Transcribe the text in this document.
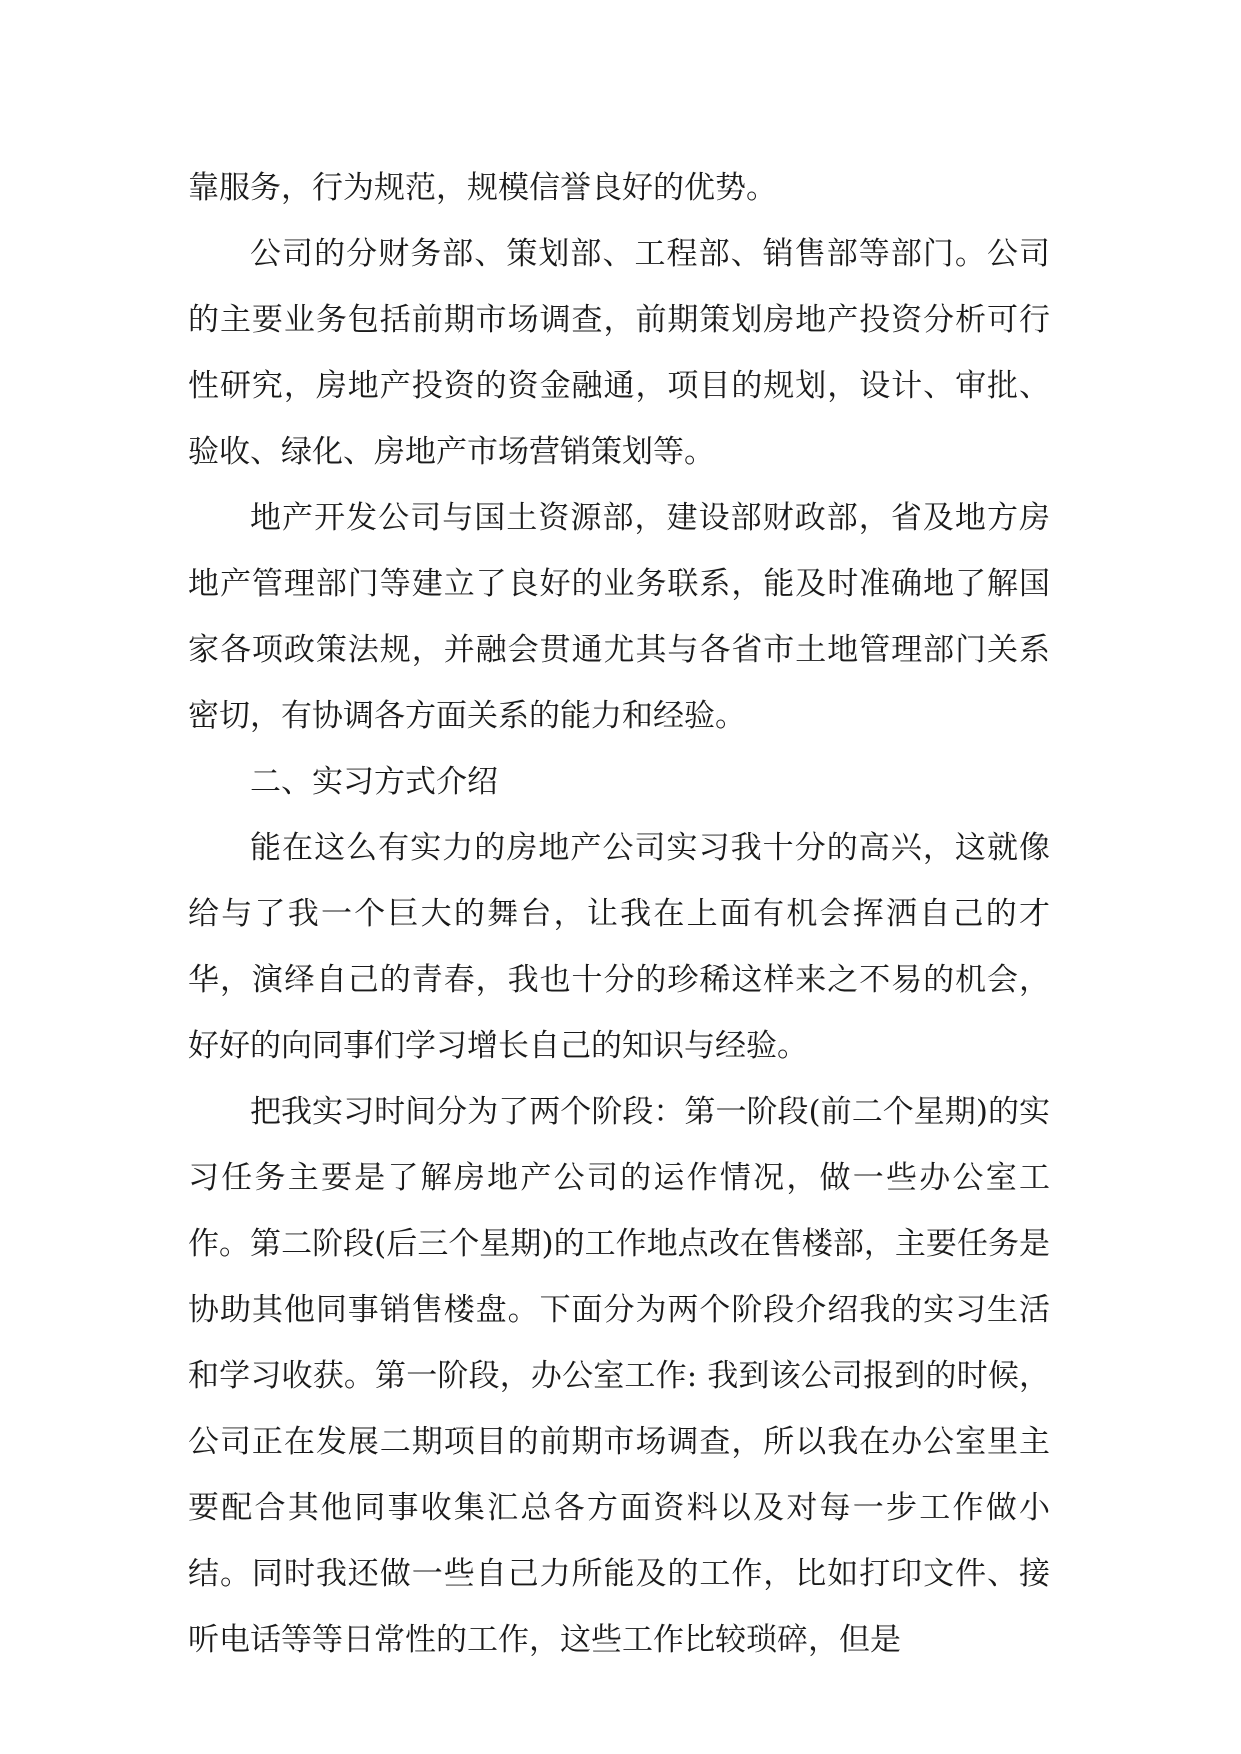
靠服务，行为规范，规模信誉良好的优势。

公司的分财务部、策划部、工程部、销售部等部门。公司的主要业务包括前期市场调查，前期策划房地产投资分析可行性研究，房地产投资的资金融通，项目的规划，设计、审批、验收、绿化、房地产市场营销策划等。

地产开发公司与国土资源部，建设部财政部，省及地方房地产管理部门等建立了良好的业务联系，能及时准确地了解国家各项政策法规，并融会贯通尤其与各省市土地管理部门关系密切，有协调各方面关系的能力和经验。

二、实习方式介绍

能在这么有实力的房地产公司实习我十分的高兴，这就像给与了我一个巨大的舞台，让我在上面有机会挥洒自己的才华，演绎自己的青春，我也十分的珍稀这样来之不易的机会，好好的向同事们学习增长自己的知识与经验。

把我实习时间分为了两个阶段：第一阶段(前二个星期)的实习任务主要是了解房地产公司的运作情况，做一些办公室工作。第二阶段(后三个星期)的工作地点改在售楼部，主要任务是协助其他同事销售楼盘。下面分为两个阶段介绍我的实习生活和学习收获。第一阶段，办公室工作: 我到该公司报到的时候，公司正在发展二期项目的前期市场调查，所以我在办公室里主要配合其他同事收集汇总各方面资料以及对每一步工作做小结。同时我还做一些自己力所能及的工作，比如打印文件、接听电话等等日常性的工作，这些工作比较琐碎，但是
